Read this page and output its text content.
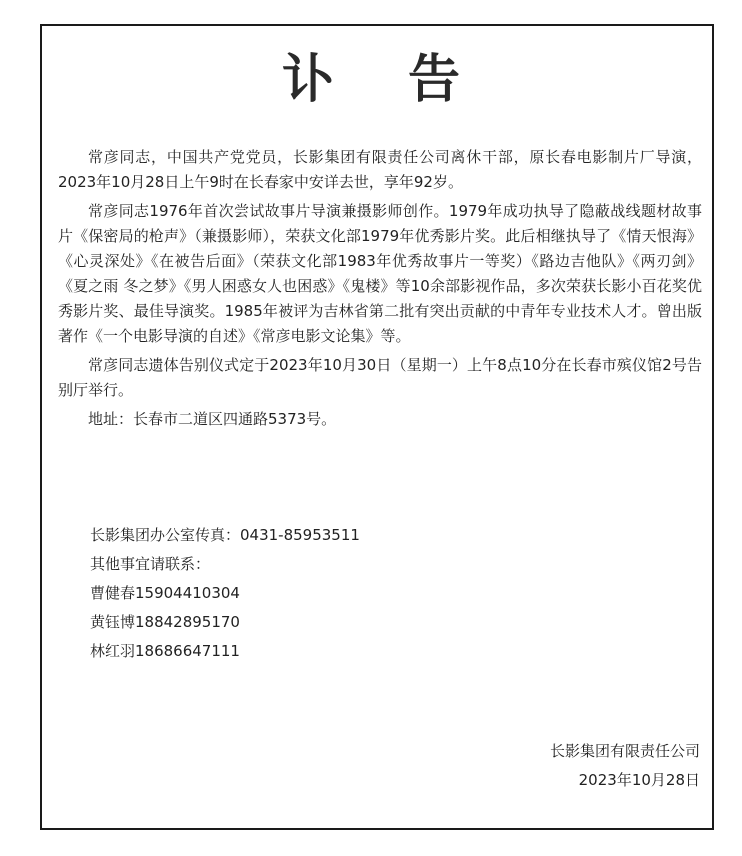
讣 告

常彦同志，中国共产党党员，长影集团有限责任公司离休干部，原长春电影制片厂导演，2023年10月28日上午9时在长春家中安详去世，享年92岁。

常彦同志1976年首次尝试故事片导演兼摄影师创作。1979年成功执导了隐蔽战线题材故事片《保密局的枪声》（兼摄影师），荣获文化部1979年优秀影片奖。此后相继执导了《情天恨海》《心灵深处》《在被告后面》（荣获文化部1983年优秀故事片一等奖）《路边吉他队》《两刃剑》《夏之雨 冬之梦》《男人困惑女人也困惑》《鬼楼》等10余部影视作品，多次荣获长影小百花奖优秀影片奖、最佳导演奖。1985年被评为吉林省第二批有突出贡献的中青年专业技术人才。曾出版著作《一个电影导演的自述》《常彦电影文论集》等。

常彦同志遗体告别仪式定于2023年10月30日（星期一）上午8点10分在长春市殡仪馆2号告别厅举行。

地址：长春市二道区四通路5373号。

长影集团办公室传真：0431-85953511
其他事宜请联系：
曹健春15904410304
黄钰博18842895170
林红羽18686647111
长影集团有限责任公司
2023年10月28日
